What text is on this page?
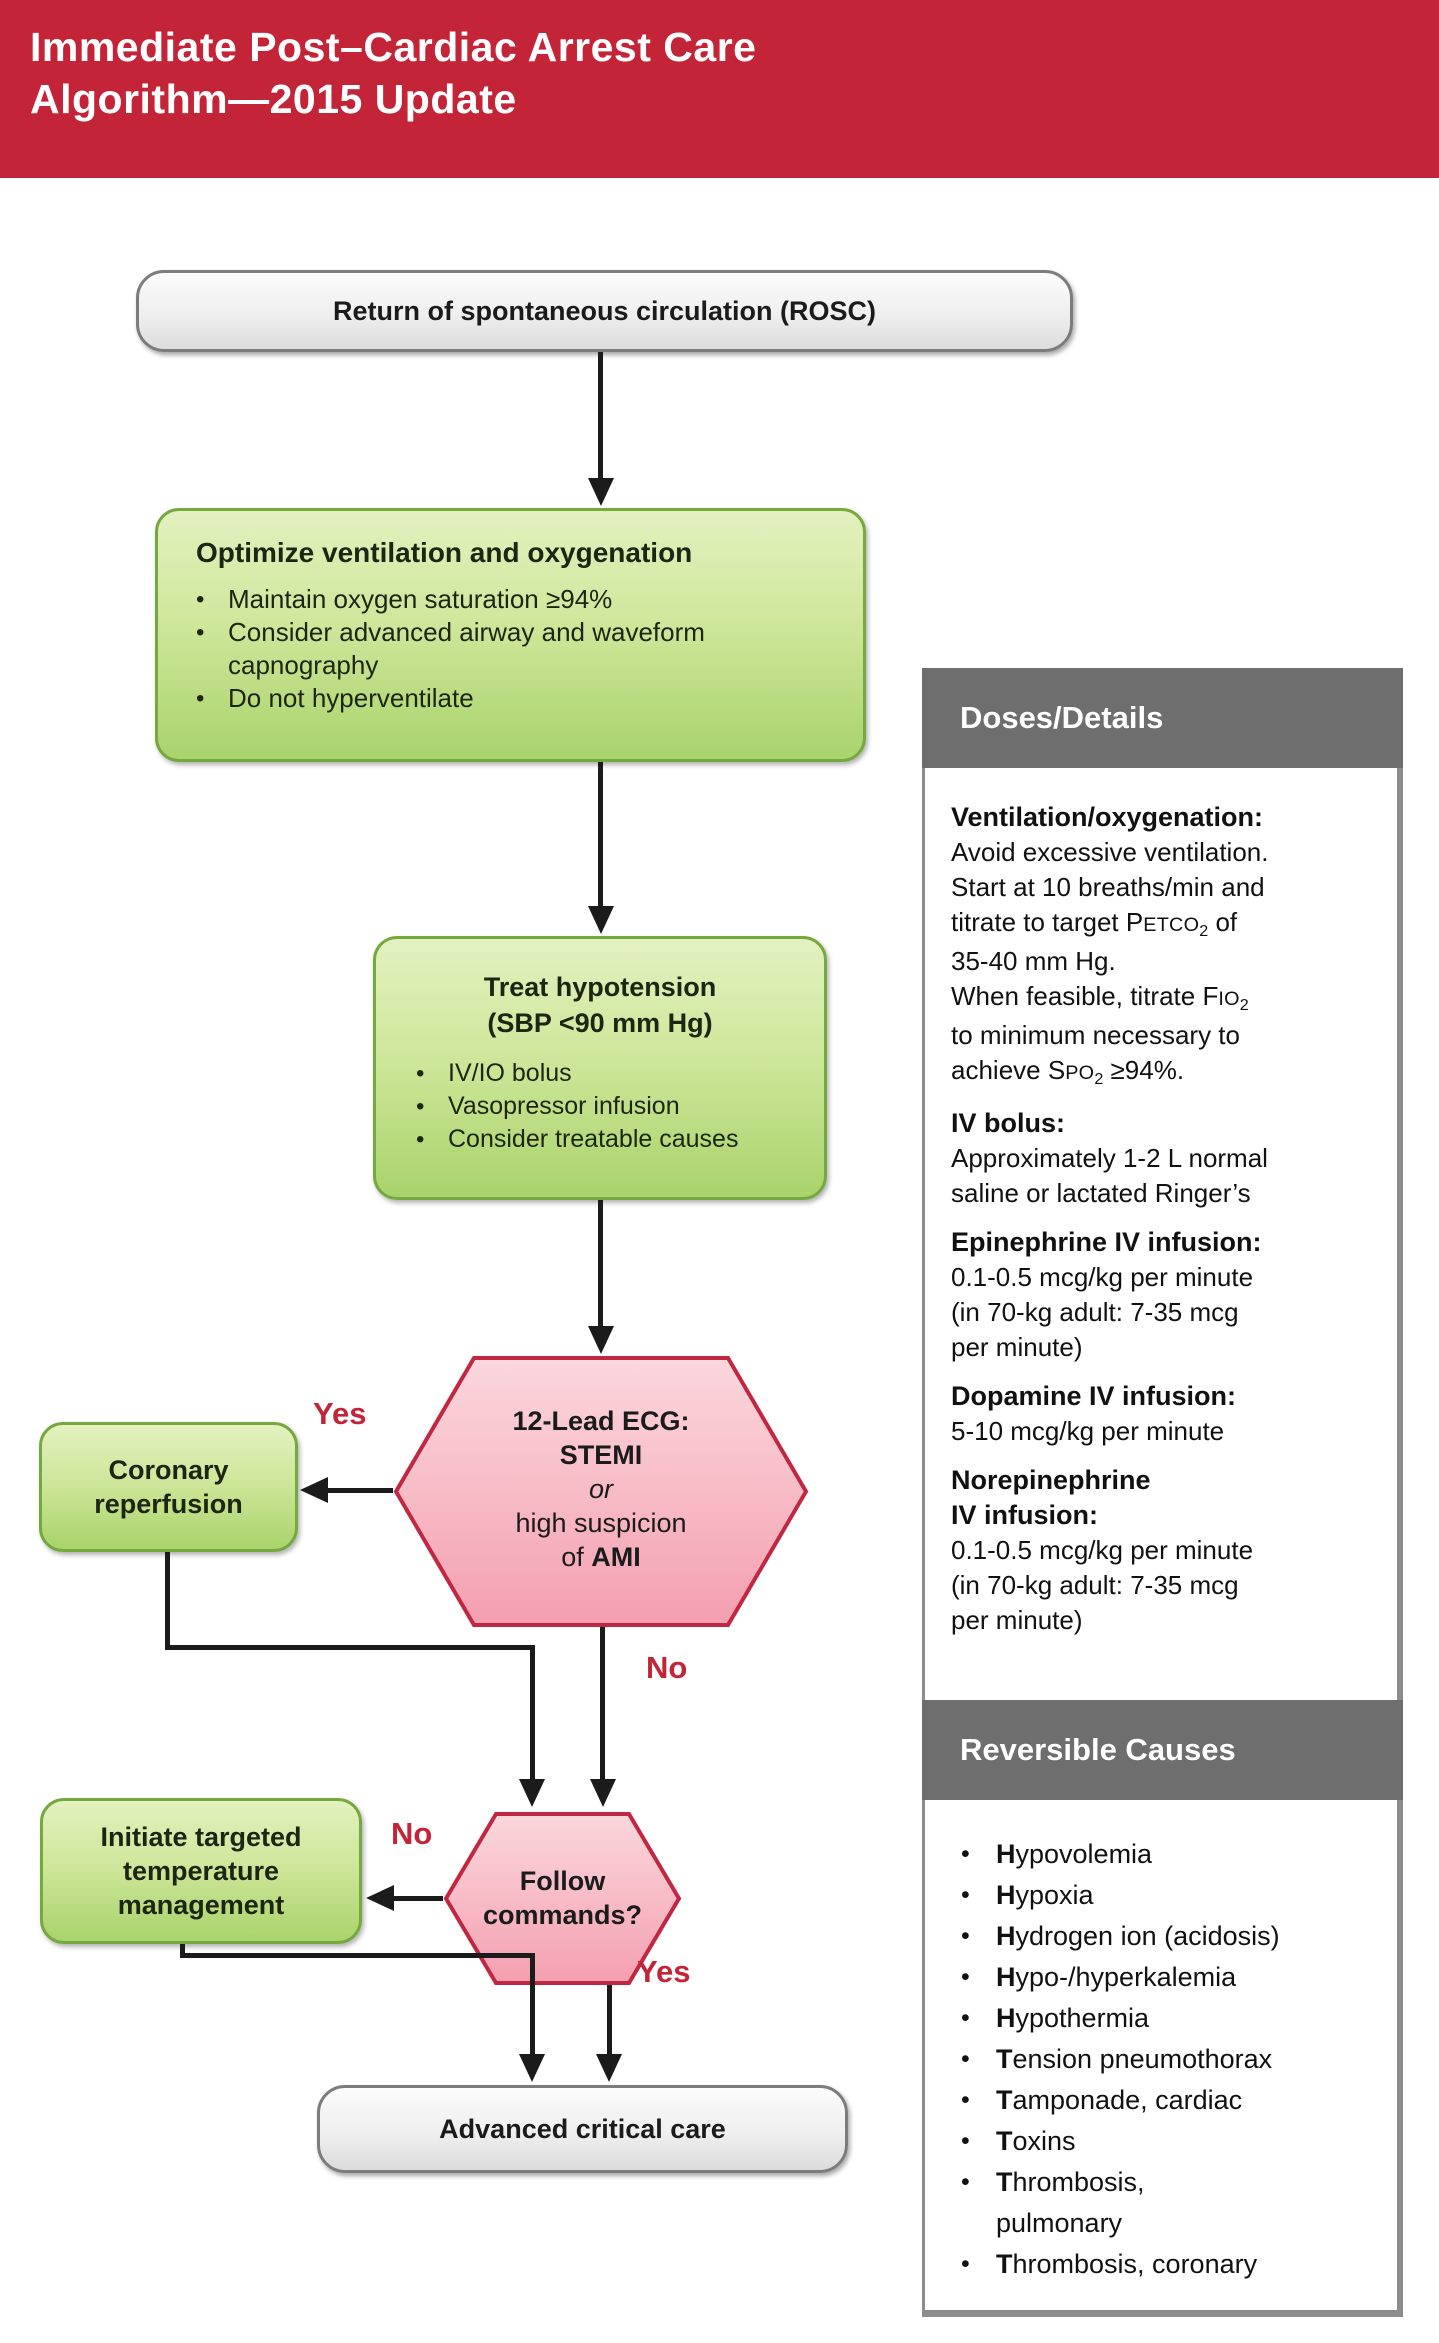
Immediate Post–Cardiac Arrest Care
Algorithm—2015 Update
Return of spontaneous circulation (ROSC)
Optimize ventilation and oxygenation
• Maintain oxygen saturation ≥94%
• Consider advanced airway and waveform capnography
• Do not hyperventilate
Treat hypotension
(SBP <90 mm Hg)
• IV/IO bolus
• Vasopressor infusion
• Consider treatable causes
12-Lead ECG:
STEMI
or
high suspicion
of AMI
Yes
Coronary
reperfusion
No
Follow
commands?
No
Initiate targeted
temperature
management
Yes
Advanced critical care
Doses/Details
Ventilation/oxygenation:
Avoid excessive ventilation.
Start at 10 breaths/min and
titrate to target PETCO2 of
35-40 mm Hg.
When feasible, titrate FIO2
to minimum necessary to
achieve SPO2 ≥94%.
IV bolus:
Approximately 1-2 L normal
saline or lactated Ringer’s
Epinephrine IV infusion:
0.1-0.5 mcg/kg per minute
(in 70-kg adult: 7-35 mcg
per minute)
Dopamine IV infusion:
5-10 mcg/kg per minute
Norepinephrine
IV infusion:
0.1-0.5 mcg/kg per minute
(in 70-kg adult: 7-35 mcg
per minute)
Reversible Causes
• Hypovolemia
• Hypoxia
• Hydrogen ion (acidosis)
• Hypo-/hyperkalemia
• Hypothermia
• Tension pneumothorax
• Tamponade, cardiac
• Toxins
• Thrombosis,
pulmonary
• Thrombosis, coronary
